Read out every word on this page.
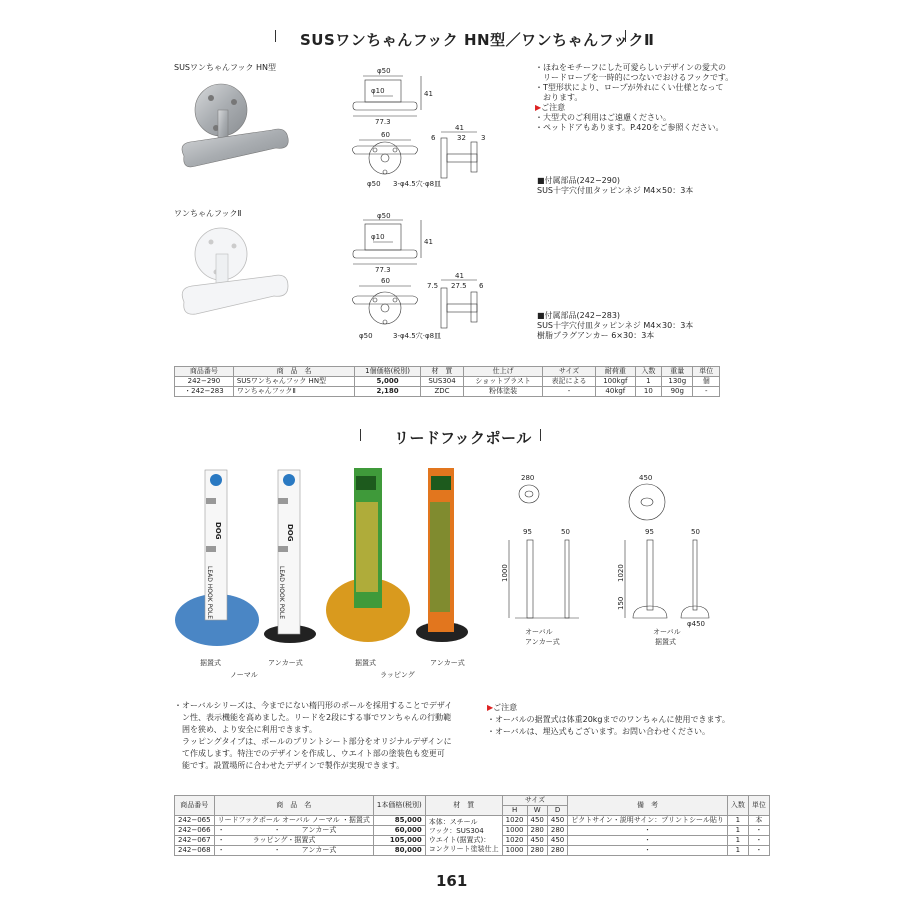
SUSワンちゃんフック HN型／ワンちゃんフックⅡ
SUSワンちゃんフック HN型
ワンちゃんフックⅡ
φ50
φ10	41
77.3
60
3-φ4.5穴·φ8皿
φ50
41
6	32 3
φ50
φ10
41
77.3
60
3-φ4.5穴·φ8皿
φ50
41
7.5 27.5 6

・ほねをモチーフにした可愛らしいデザインの愛犬の

　リードロープを一時的につないでおけるフックです。

・T型形状により、ロープが外れにくい仕様となって

　おります。

▶ご注意

・大型犬のご利用はご遠慮ください。

・ペットドアもあります。P.420をご参照ください。

■付属部品(242−290)
SUS十字穴付皿タッピンネジ M4×50：3本
■付属部品(242−283)
SUS十字穴付皿タッピンネジ M4×30：3本
樹脂プラグアンカー 6×30：3本
商品番号	商　品　名	1個価格(税別)	材　質	仕上げ	サイズ	耐荷重	入数	重量	単位
242−290	SUSワンちゃんフック HN型	5,000	SUS304	ショットブラスト	表記による	100kgf	1	130g	個
・242−283	ワンちゃんフックⅡ	2,180	ZDC	粉体塗装	-	40kgf	10	90g	-
リードフックポール
DOG
LEAD HOOK POLE
DOG
LEAD HOOK POLE
据置式	アンカー式	据置式	アンカー式
ノーマル	ラッピング
280	450
95	50
1000
オーバル
アンカー式
95	50
1020
150
φ450
オーバル
据置式

・オーバルシリーズは、今までにない楕円形のポールを採用することでデザイ

　ン性、表示機能を高めました。リードを2段にする事でワンちゃんの行動範

　囲を狭め、より安全に利用できます。

　ラッピングタイプは、ポールのプリントシート部分をオリジナルデザインに

　て作成します。特注でのデザインを作成し、ウエイト部の塗装色も変更可

　能です。設置場所に合わせたデザインで製作が実現できます。

▶ご注意

・オーバルの据置式は体重20kgまでのワンちゃんに使用できます。

・オーバルは、埋込式もございます。お問い合わせください。

商品番号	商　品　名	1本価格(税別)	材　質	サイズ			備　考	入数	単位
				H	W	D			
242−065	リードフックポール オーバル ノーマル ・据置式	85,000	本体：スチール
フック：SUS304
ウエイト(据置式)：
コンクリート塗装仕上	1020	450	450	ピクトサイン・説明サイン：プリントシール貼り	1	本
242−066	・　　　　　　　・　　　アンカー式	60,000		1000	280	280	・	1	・
242−067	・　　　　ラッピング・据置式	105,000		1020	450	450	・	1	・
242−068	・　　　　　　　・　　　アンカー式	80,000		1000	280	280	・	1	・
161
